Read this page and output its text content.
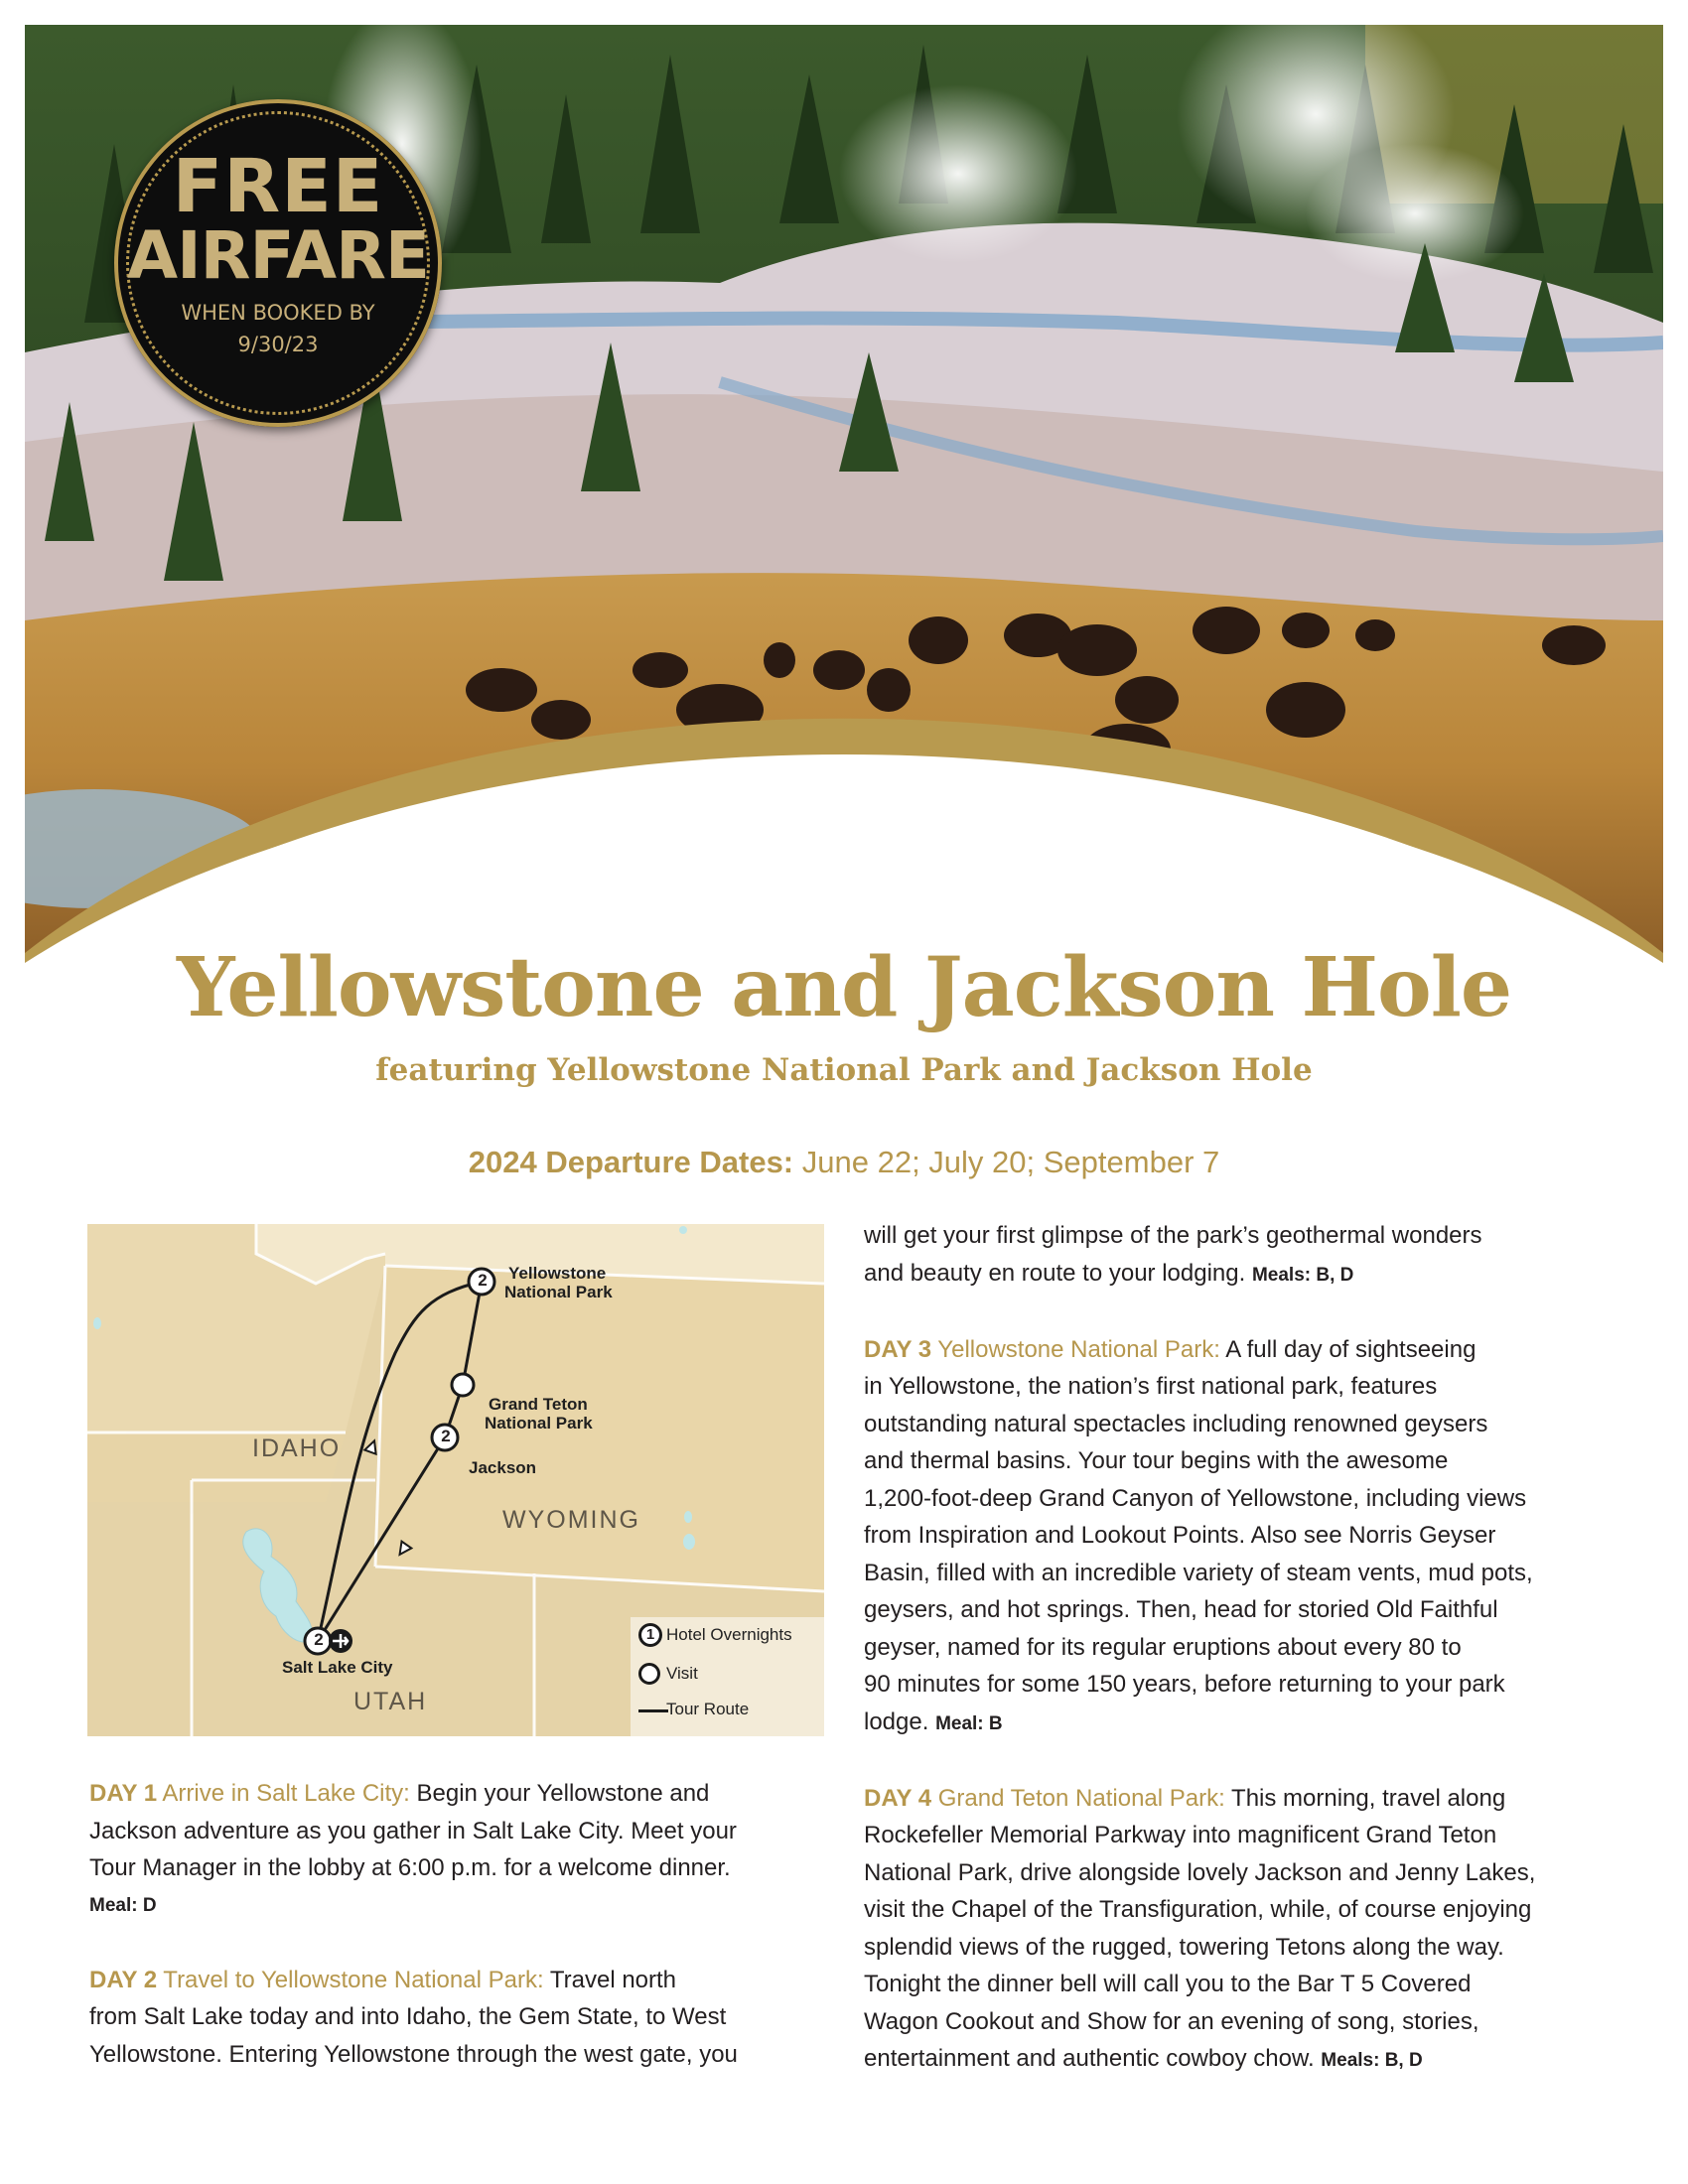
FREE
AIRFARE
WHEN BOOKED BY
9/30/23
Yellowstone and Jackson Hole
featuring Yellowstone National Park and Jackson Hole
2024 Departure Dates: June 22; July 20; September 7
2
2
2
Yellowstone
National Park
Grand Teton
National Park
Jackson
Salt Lake City
IDAHO
WYOMING
UTAH
1 Hotel Overnights
Visit
Tour Route

DAY 1 Arrive in Salt Lake City: Begin your Yellowstone and

Jackson adventure as you gather in Salt Lake City. Meet your

Tour Manager in the lobby at 6:00 p.m. for a welcome dinner.

Meal: D

DAY 2 Travel to Yellowstone National Park: Travel north

from Salt Lake today and into Idaho, the Gem State, to West

Yellowstone. Entering Yellowstone through the west gate, you

will get your first glimpse of the park’s geothermal wonders

and beauty en route to your lodging. Meals: B, D

DAY 3 Yellowstone National Park: A full day of sightseeing

in Yellowstone, the nation’s first national park, features

outstanding natural spectacles including renowned geysers

and thermal basins. Your tour begins with the awesome

1,200-foot-deep Grand Canyon of Yellowstone, including views

from Inspiration and Lookout Points. Also see Norris Geyser

Basin, filled with an incredible variety of steam vents, mud pots,

geysers, and hot springs. Then, head for storied Old Faithful

geyser, named for its regular eruptions about every 80 to

90 minutes for some 150 years, before returning to your park

lodge. Meal: B

DAY 4 Grand Teton National Park: This morning, travel along

Rockefeller Memorial Parkway into magnificent Grand Teton

National Park, drive alongside lovely Jackson and Jenny Lakes,

visit the Chapel of the Transfiguration, while, of course enjoying

splendid views of the rugged, towering Tetons along the way.

Tonight the dinner bell will call you to the Bar T 5 Covered

Wagon Cookout and Show for an evening of song, stories,

entertainment and authentic cowboy chow. Meals: B, D
